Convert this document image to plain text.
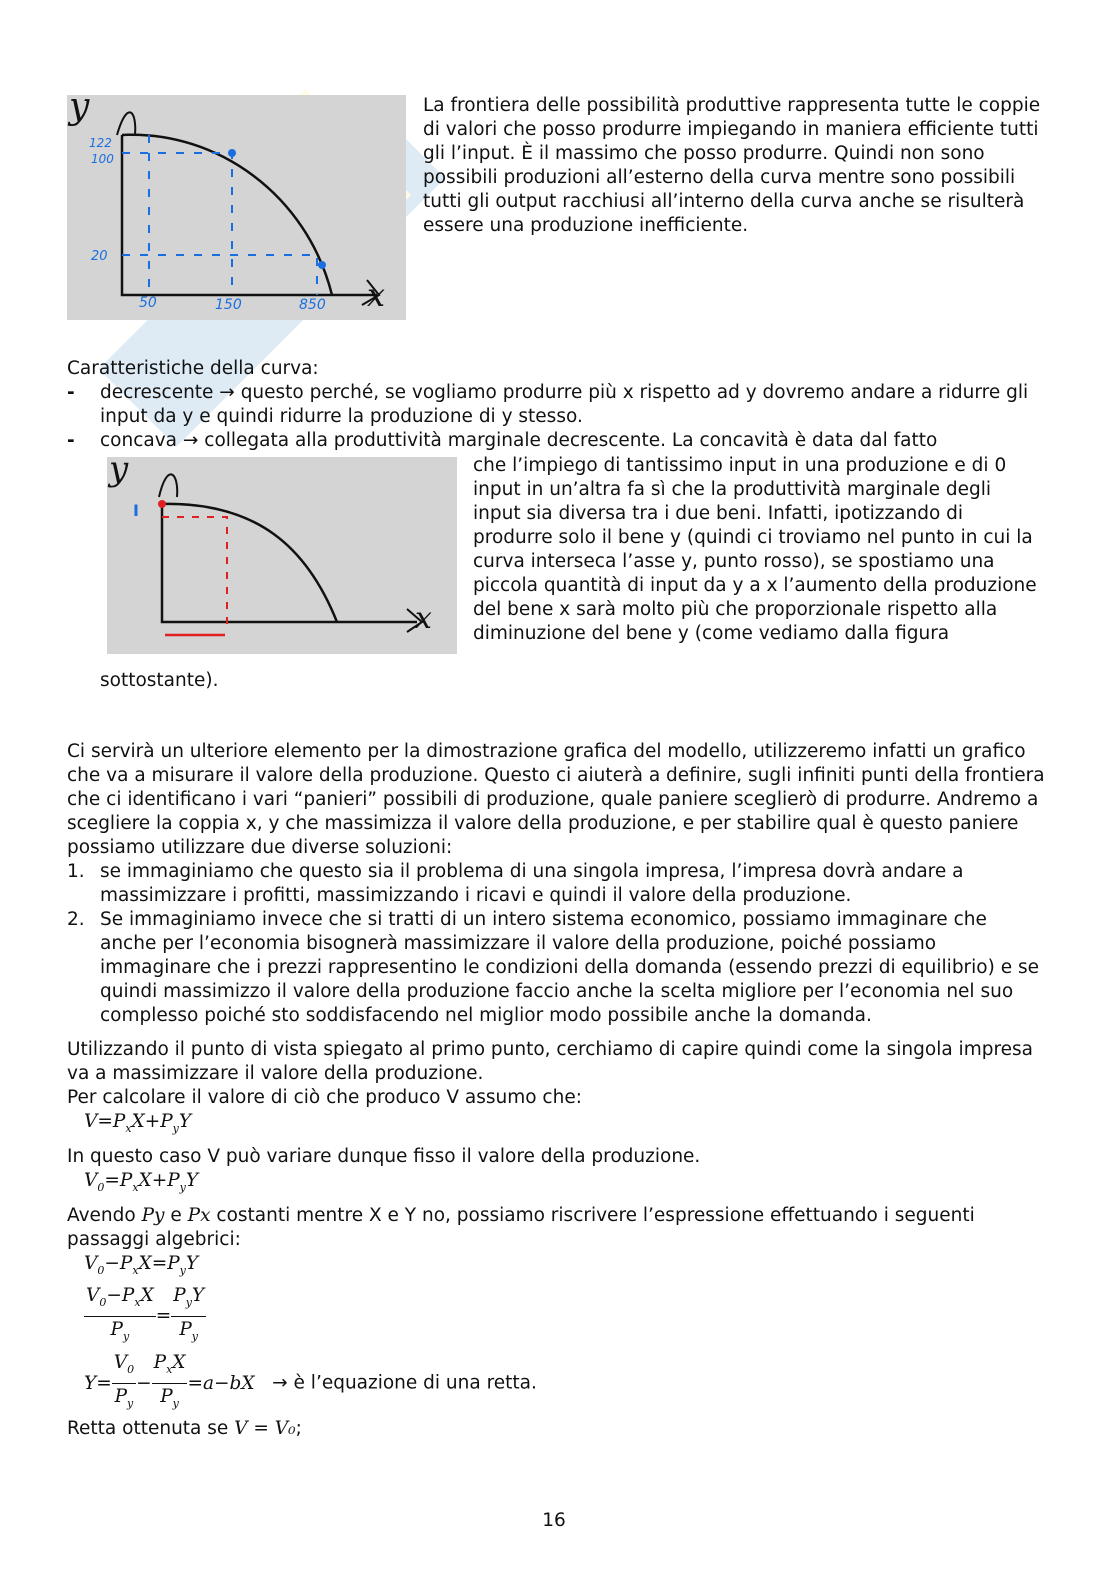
y
x
122
100
20
50	150	850

La frontiera delle possibilità produttive rappresenta tutte le coppie di valori che posso produrre impiegando in maniera efficiente tutti gli l’input. È il massimo che posso produrre. Quindi non sono possibili produzioni all’esterno della curva mentre sono possibili tutti gli output racchiusi all’interno della curva anche se risulterà essere una produzione inefficiente.

Caratteristiche della curva:

- decrescente → questo perché, se vogliamo produrre più x rispetto ad y dovremo andare a ridurre gli input da y e quindi ridurre la produzione di y stesso.
- concava → collegata alla produttività marginale decrescente. La concavità è data dal fatto
y
x
I

che l’impiego di tantissimo input in una produzione e di 0 input in un’altra fa sì che la produttività marginale degli input sia diversa tra i due beni. Infatti, ipotizzando di produrre solo il bene y (quindi ci troviamo nel punto in cui la curva interseca l’asse y, punto rosso), se spostiamo una piccola quantità di input da y a x l’aumento della produzione del bene x sarà molto più che proporzionale rispetto alla diminuzione del bene y (come vediamo dalla figura

sottostante).

Ci servirà un ulteriore elemento per la dimostrazione grafica del modello, utilizzeremo infatti un grafico che va a misurare il valore della produzione. Questo ci aiuterà a definire, sugli infiniti punti della frontiera che ci identificano i vari “panieri” possibili di produzione, quale paniere sceglierò di produrre. Andremo a scegliere la coppia x, y che massimizza il valore della produzione, e per stabilire qual è questo paniere possiamo utilizzare due diverse soluzioni:

1. se immaginiamo che questo sia il problema di una singola impresa, l’impresa dovrà andare a massimizzare i profitti, massimizzando i ricavi e quindi il valore della produzione.
2. Se immaginiamo invece che si tratti di un intero sistema economico, possiamo immaginare che anche per l’economia bisognerà massimizzare il valore della produzione, poiché possiamo immaginare che i prezzi rappresentino le condizioni della domanda (essendo prezzi di equilibrio) e se quindi massimizzo il valore della produzione faccio anche la scelta migliore per l’economia nel suo complesso poiché sto soddisfacendo nel miglior modo possibile anche la domanda.

Utilizzando il punto di vista spiegato al primo punto, cerchiamo di capire quindi come la singola impresa va a massimizzare il valore della produzione.

Per calcolare il valore di ciò che produco V assumo che:

$V=P_xX+P_yY$

In questo caso V può variare dunque fisso il valore della produzione.

$V_0=P_xX+P_yY$

Avendo Py e Px costanti mentre X e Y no, possiamo riscrivere l’espressione effettuando i seguenti passaggi algebrici:

$V_0-P_xX=P_yY$
$\frac{V_0-P_xX}{P_y} = \frac{P_yY}{P_y}$
$Y= \frac{V_0}{P_y} - \frac{P_xX}{P_y} =a-bX$ → è l’equazione di una retta.

Retta ottenuta se V = V₀;

16
